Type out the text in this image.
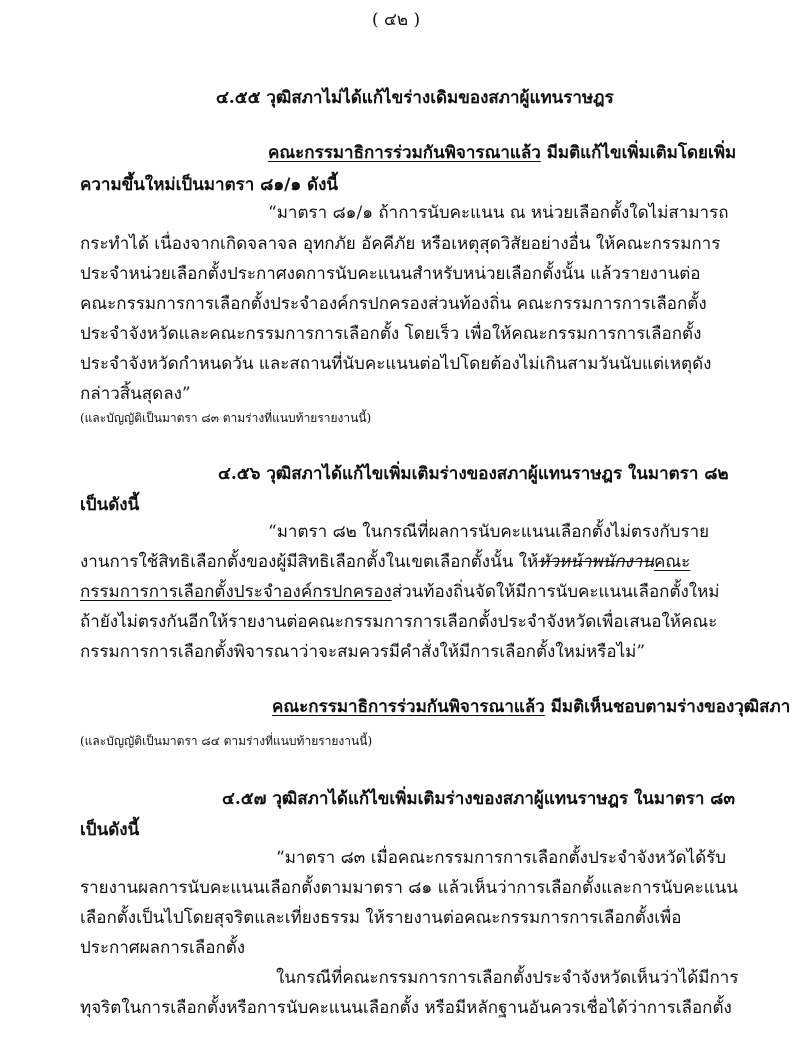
( ๔๒ )
๔.๕๕ วุฒิสภาไม่ได้แก้ไขร่างเดิมของสภาผู้แทนราษฎร
คณะกรรมาธิการร่วมกันพิจารณาแล้ว มีมติแก้ไขเพิ่มเติมโดยเพิ่ม
ความขึ้นใหม่เป็นมาตรา ๘๑/๑ ดังนี้
“มาตรา ๘๑/๑ ถ้าการนับคะแนน ณ หน่วยเลือกตั้งใดไม่สามารถ
กระทำได้ เนื่องจากเกิดจลาจล อุทกภัย อัคคีภัย หรือเหตุสุดวิสัยอย่างอื่น ให้คณะกรรมการ
ประจำหน่วยเลือกตั้งประกาศงดการนับคะแนนสำหรับหน่วยเลือกตั้งนั้น แล้วรายงานต่อ
คณะกรรมการการเลือกตั้งประจำองค์กรปกครองส่วนท้องถิ่น คณะกรรมการการเลือกตั้ง
ประจำจังหวัดและคณะกรรมการการเลือกตั้ง โดยเร็ว เพื่อให้คณะกรรมการการเลือกตั้ง
ประจำจังหวัดกำหนดวัน และสถานที่นับคะแนนต่อไปโดยต้องไม่เกินสามวันนับแต่เหตุดัง
กล่าวสิ้นสุดลง”
(และบัญญัติเป็นมาตรา ๘๓ ตามร่างที่แนบท้ายรายงานนี้)
๔.๕๖ วุฒิสภาได้แก้ไขเพิ่มเติมร่างของสภาผู้แทนราษฎร ในมาตรา ๘๒
เป็นดังนี้
“มาตรา ๘๒ ในกรณีที่ผลการนับคะแนนเลือกตั้งไม่ตรงกับราย
งานการใช้สิทธิเลือกตั้งของผู้มีสิทธิเลือกตั้งในเขตเลือกตั้งนั้น ให้หัวหน้าพนักงานคณะ
กรรมการการเลือกตั้งประจำองค์กรปกครองส่วนท้องถิ่นจัดให้มีการนับคะแนนเลือกตั้งใหม่
ถ้ายังไม่ตรงกันอีกให้รายงานต่อคณะกรรมการการเลือกตั้งประจำจังหวัดเพื่อเสนอให้คณะ
กรรมการการเลือกตั้งพิจารณาว่าจะสมควรมีคำสั่งให้มีการเลือกตั้งใหม่หรือไม่”
คณะกรรมาธิการร่วมกันพิจารณาแล้ว มีมติเห็นชอบตามร่างของวุฒิสภา
(และบัญญัติเป็นมาตรา ๘๔ ตามร่างที่แนบท้ายรายงานนี้)
๔.๕๗ วุฒิสภาได้แก้ไขเพิ่มเติมร่างของสภาผู้แทนราษฎร ในมาตรา ๘๓
เป็นดังนี้
“มาตรา ๘๓ เมื่อคณะกรรมการการเลือกตั้งประจำจังหวัดได้รับ
รายงานผลการนับคะแนนเลือกตั้งตามมาตรา ๘๑ แล้วเห็นว่าการเลือกตั้งและการนับคะแนน
เลือกตั้งเป็นไปโดยสุจริตและเที่ยงธรรม ให้รายงานต่อคณะกรรมการการเลือกตั้งเพื่อ
ประกาศผลการเลือกตั้ง
ในกรณีที่คณะกรรมการการเลือกตั้งประจำจังหวัดเห็นว่าได้มีการ
ทุจริตในการเลือกตั้งหรือการนับคะแนนเลือกตั้ง หรือมีหลักฐานอันควรเชื่อได้ว่าการเลือกตั้ง
